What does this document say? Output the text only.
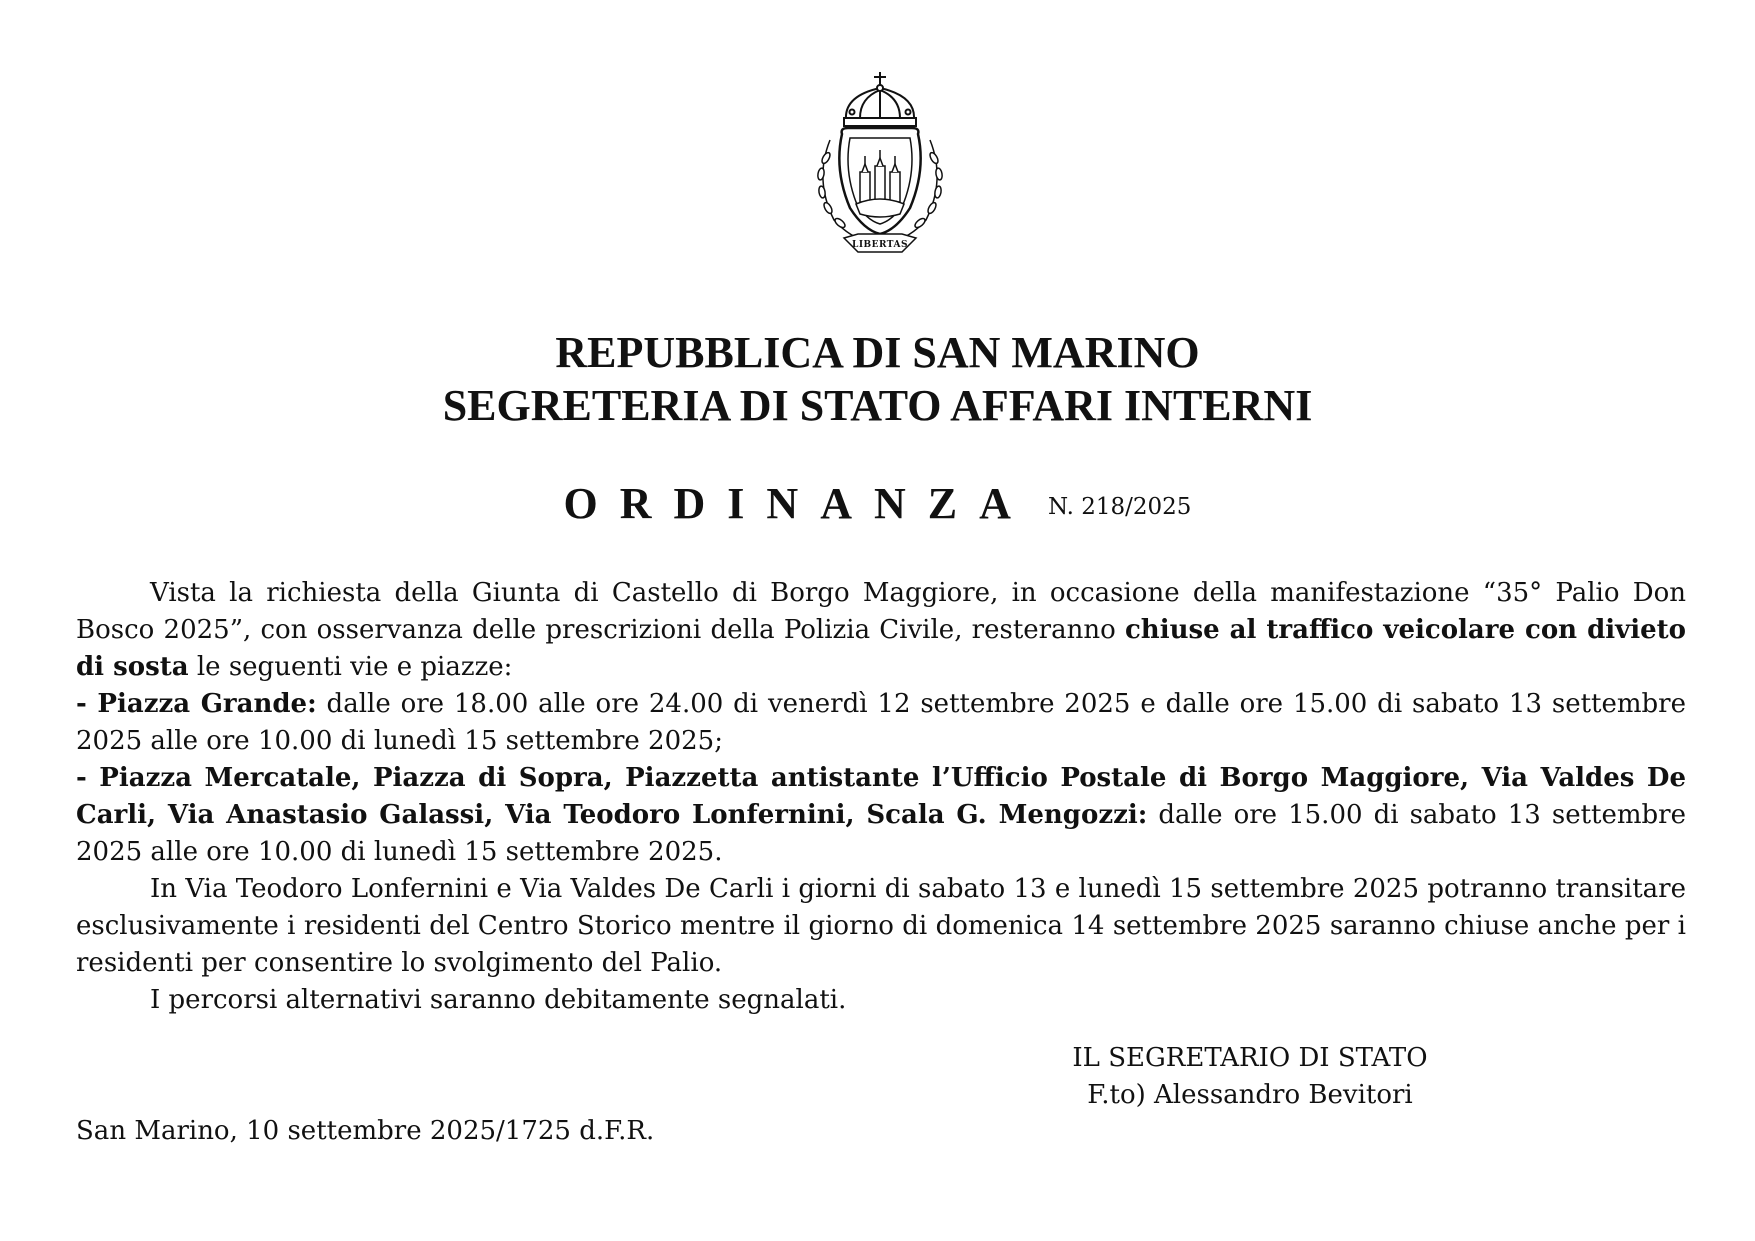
LIBERTAS
REPUBBLICA DI SAN MARINO
SEGRETERIA DI STATO AFFARI INTERNI
ORDINANZA N. 218/2025

Vista la richiesta della Giunta di Castello di Borgo Maggiore, in occasione della manifestazione “35° Palio Don Bosco 2025”, con osservanza delle prescrizioni della Polizia Civile, resteranno chiuse al traffico veicolare con divieto di sosta le seguenti vie e piazze:

- Piazza Grande: dalle ore 18.00 alle ore 24.00 di venerdì 12 settembre 2025 e dalle ore 15.00 di sabato 13 settembre 2025 alle ore 10.00 di lunedì 15 settembre 2025;

- Piazza Mercatale, Piazza di Sopra, Piazzetta antistante l’Ufficio Postale di Borgo Maggiore, Via Valdes De Carli, Via Anastasio Galassi, Via Teodoro Lonfernini, Scala G. Mengozzi: dalle ore 15.00 di sabato 13 settembre 2025 alle ore 10.00 di lunedì 15 settembre 2025.

In Via Teodoro Lonfernini e Via Valdes De Carli i giorni di sabato 13 e lunedì 15 settembre 2025 potranno transitare esclusivamente i residenti del Centro Storico mentre il giorno di domenica 14 settembre 2025 saranno chiuse anche per i residenti per consentire lo svolgimento del Palio.

I percorsi alternativi saranno debitamente segnalati.

IL SEGRETARIO DI STATO
F.to) Alessandro Bevitori
San Marino, 10 settembre 2025/1725 d.F.R.
